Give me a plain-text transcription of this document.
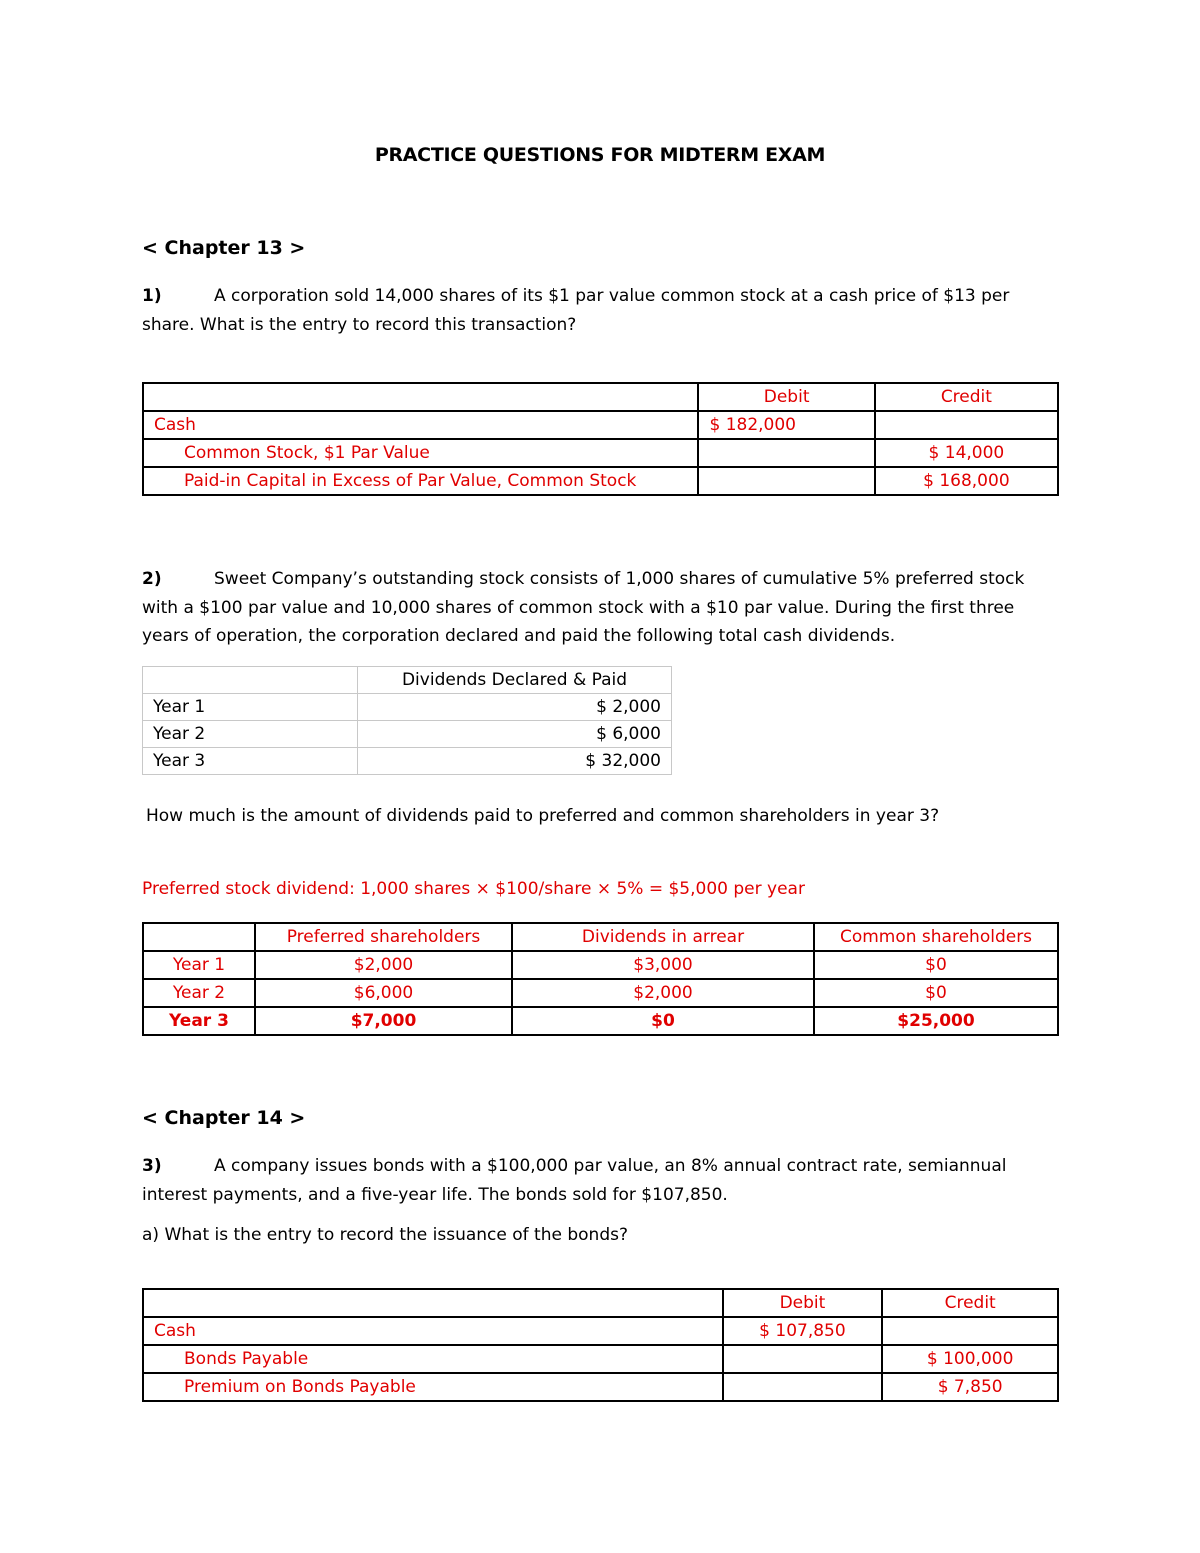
PRACTICE QUESTIONS FOR MIDTERM EXAM
< Chapter 13 >
1)	A corporation sold 14,000 shares of its $1 par value common stock at a cash price of $13 per
share. What is the entry to record this transaction?
	Debit	Credit
Cash	$ 182,000	
Common Stock, $1 Par Value		$ 14,000
Paid-in Capital in Excess of Par Value, Common Stock		$ 168,000
2)	Sweet Company’s outstanding stock consists of 1,000 shares of cumulative 5% preferred stock
with a $100 par value and 10,000 shares of common stock with a $10 par value. During the first three
years of operation, the corporation declared and paid the following total cash dividends.
	Dividends Declared & Paid
Year 1	$ 2,000
Year 2	$ 6,000
Year 3	$ 32,000
How much is the amount of dividends paid to preferred and common shareholders in year 3?
Preferred stock dividend: 1,000 shares × $100/share × 5% = $5,000 per year
	Preferred shareholders	Dividends in arrear	Common shareholders
Year 1	$2,000	$3,000	$0
Year 2	$6,000	$2,000	$0
Year 3	$7,000	$0	$25,000
< Chapter 14 >
3)	A company issues bonds with a $100,000 par value, an 8% annual contract rate, semiannual
interest payments, and a five-year life. The bonds sold for $107,850.
a) What is the entry to record the issuance of the bonds?
	Debit	Credit
Cash	$ 107,850	
Bonds Payable		$ 100,000
Premium on Bonds Payable		$ 7,850
